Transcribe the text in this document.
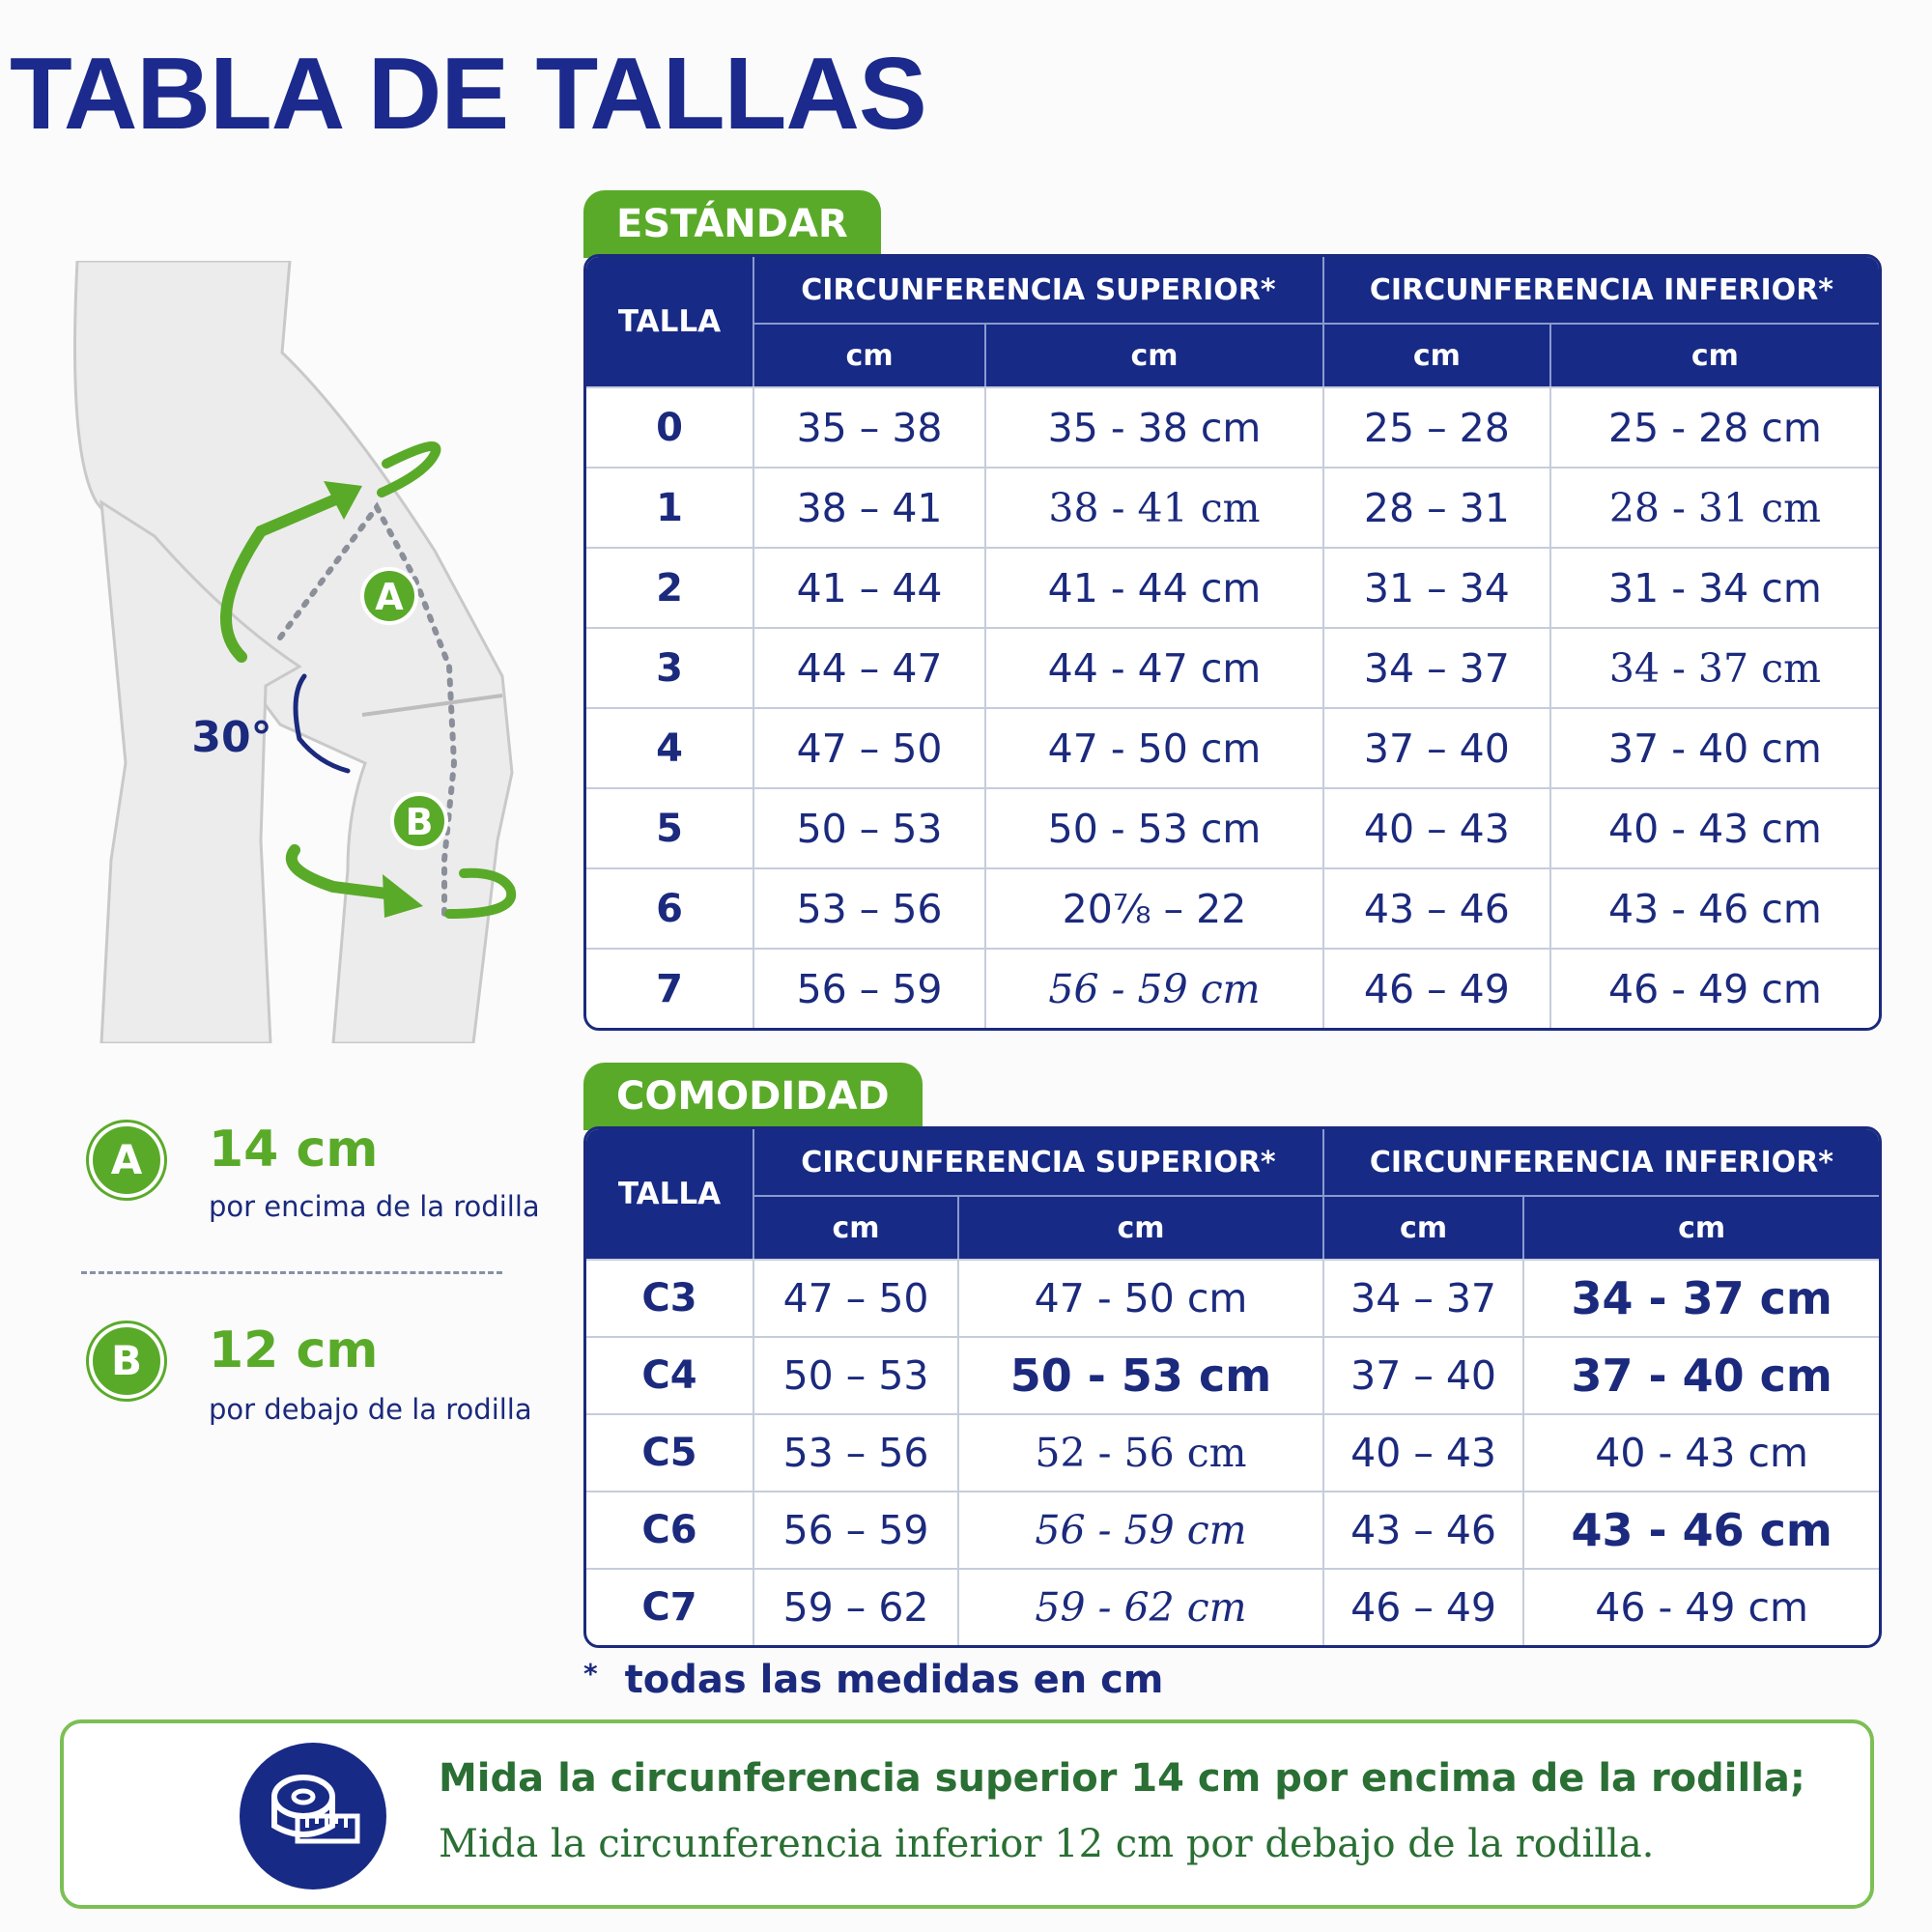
TABLA DE TALLAS
A
B
30°
ESTÁNDAR
TALLA	CIRCUNFERENCIA SUPERIOR*		CIRCUNFERENCIA INFERIOR*	
	cm	cm	cm	cm
0	35 – 38	35 - 38 cm	25 – 28	25 - 28 cm
1	38 – 41	38 - 41 cm	28 – 31	28 - 31 cm
2	41 – 44	41 - 44 cm	31 – 34	31 - 34 cm
3	44 – 47	44 - 47 cm	34 – 37	34 - 37 cm
4	47 – 50	47 - 50 cm	37 – 40	37 - 40 cm
5	50 – 53	50 - 53 cm	40 – 43	40 - 43 cm
6	53 – 56	20⅞ – 22	43 – 46	43 - 46 cm
7	56 – 59	56 - 59 cm	46 – 49	46 - 49 cm
COMODIDAD
TALLA	CIRCUNFERENCIA SUPERIOR*		CIRCUNFERENCIA INFERIOR*	
	cm	cm	cm	cm
C3	47 – 50	47 - 50 cm	34 – 37	34 - 37 cm
C4	50 – 53	50 - 53 cm	37 – 40	37 - 40 cm
C5	53 – 56	52 - 56 cm	40 – 43	40 - 43 cm
C6	56 – 59	56 - 59 cm	43 – 46	43 - 46 cm
C7	59 – 62	59 - 62 cm	46 – 49	46 - 49 cm
A	14 cm
por encima de la rodilla
B	12 cm
por debajo de la rodilla
* todas las medidas en cm
Mida la circunferencia superior 14 cm por encima de la rodilla;
Mida la circunferencia inferior 12 cm por debajo de la rodilla.
